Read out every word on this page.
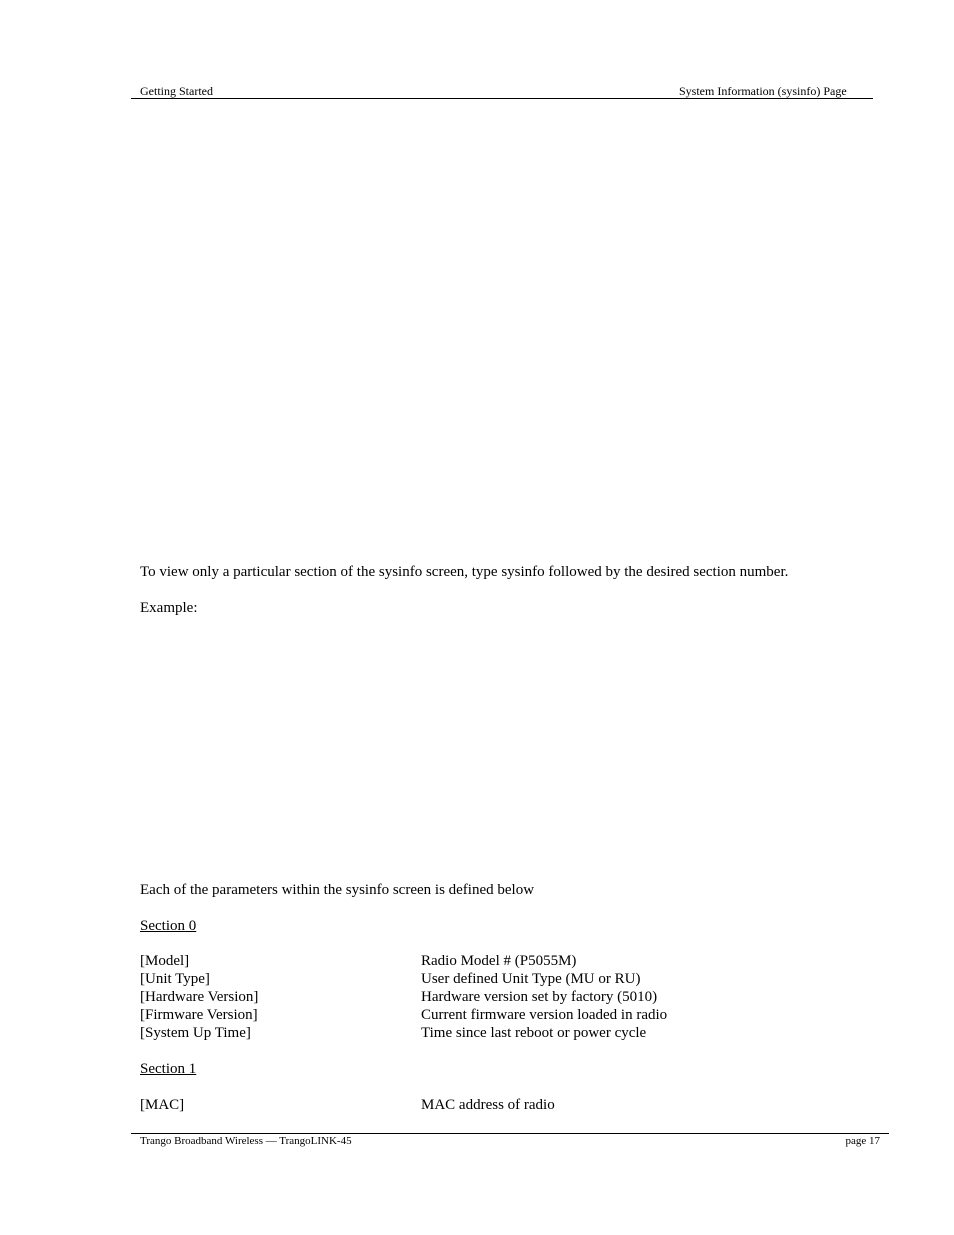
Getting Started	System Information (sysinfo) Page
To view only a particular section of the sysinfo screen, type sysinfo followed by the desired section number.
Example:
Each of the parameters within the sysinfo screen is defined below
Section 0
[Model]	Radio Model # (P5055M)
[Unit Type]	User defined Unit Type (MU or RU)
[Hardware Version]	Hardware version set by factory (5010)
[Firmware Version]	Current firmware version loaded in radio
[System Up Time]	Time since last reboot or power cycle
Section 1
[MAC]	MAC address of radio
Trango Broadband Wireless — TrangoLINK-45	page 17
